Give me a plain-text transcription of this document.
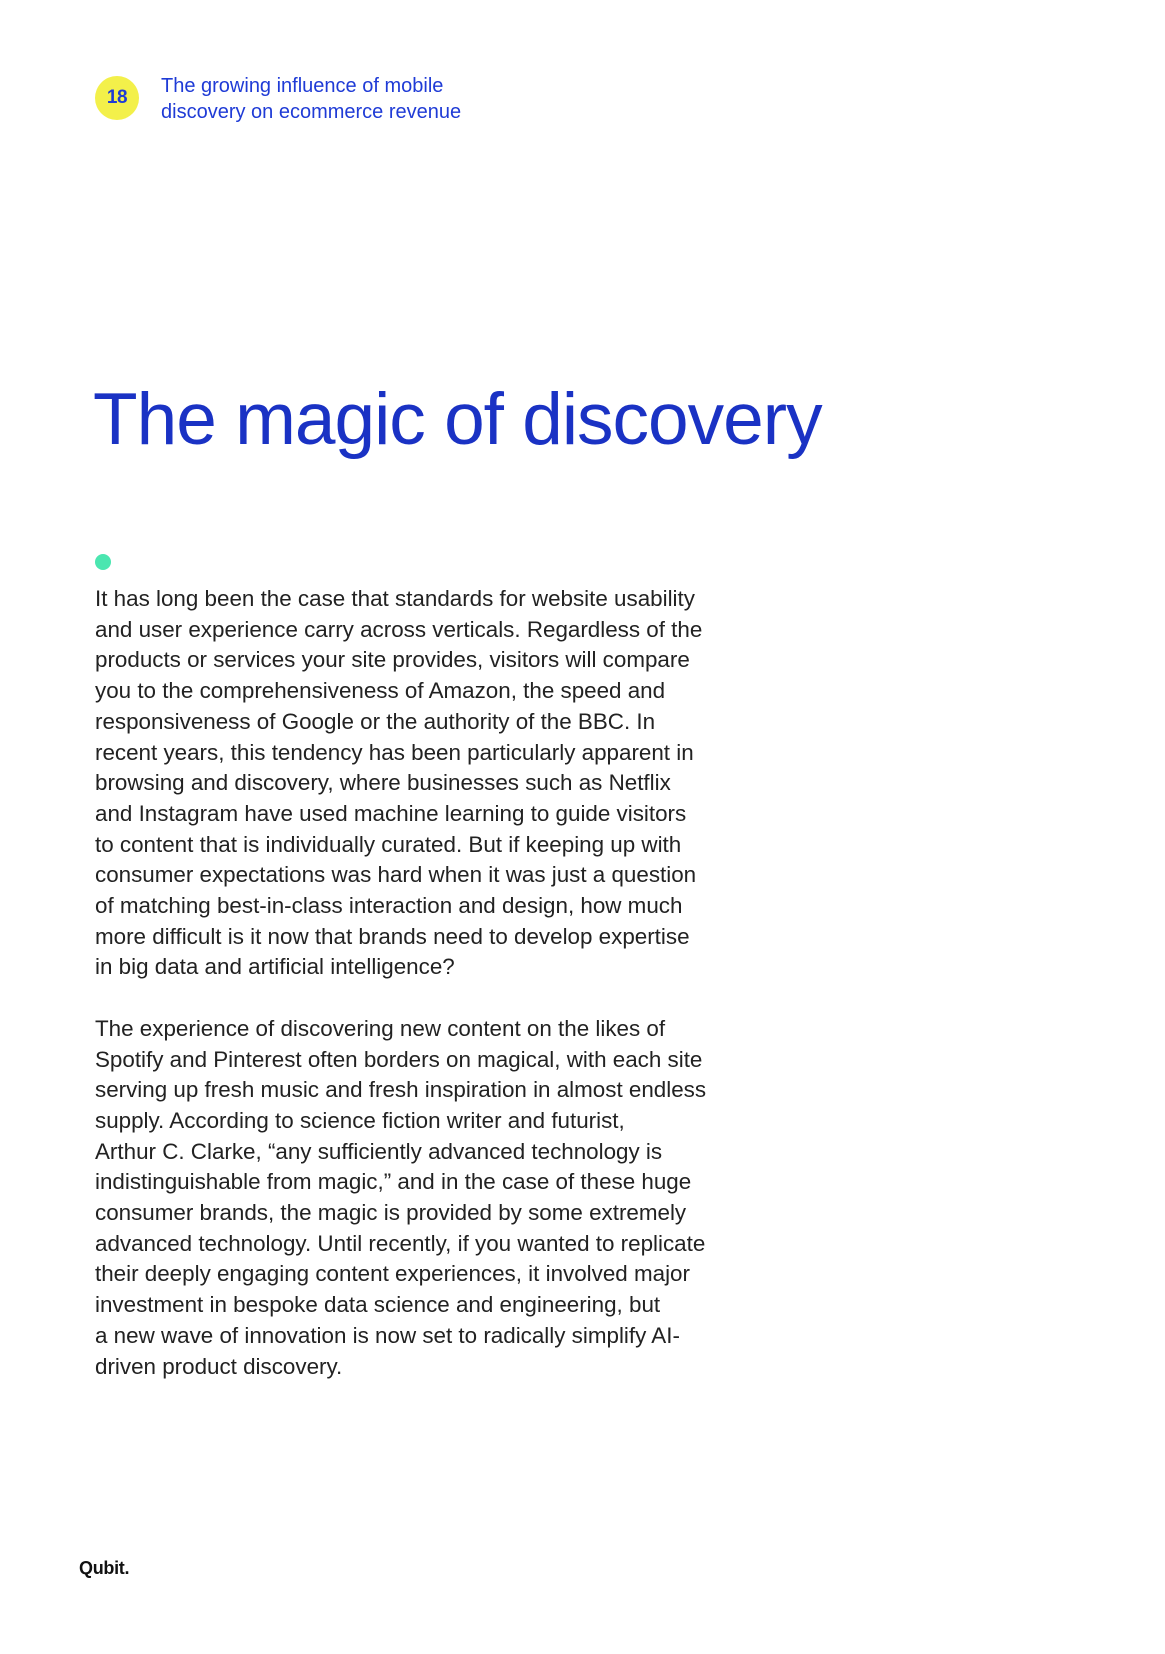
18
The growing influence of mobile
discovery on ecommerce revenue
The magic of discovery

It has long been the case that standards for website usability
and user experience carry across verticals. Regardless of the
products or services your site provides, visitors will compare
you to the comprehensiveness of Amazon, the speed and
responsiveness of Google or the authority of the BBC. In
recent years, this tendency has been particularly apparent in
browsing and discovery, where businesses such as Netflix
and Instagram have used machine learning to guide visitors
to content that is individually curated. But if keeping up with
consumer expectations was hard when it was just a question
of matching best-in-class interaction and design, how much
more difficult is it now that brands need to develop expertise
in big data and artificial intelligence?

The experience of discovering new content on the likes of
Spotify and Pinterest often borders on magical, with each site
serving up fresh music and fresh inspiration in almost endless
supply. According to science fiction writer and futurist,
Arthur C. Clarke, “any sufficiently advanced technology is
indistinguishable from magic,” and in the case of these huge
consumer brands, the magic is provided by some extremely
advanced technology. Until recently, if you wanted to replicate
their deeply engaging content experiences, it involved major
investment in bespoke data science and engineering, but
a new wave of innovation is now set to radically simplify AI-
driven product discovery.

Qubit.
